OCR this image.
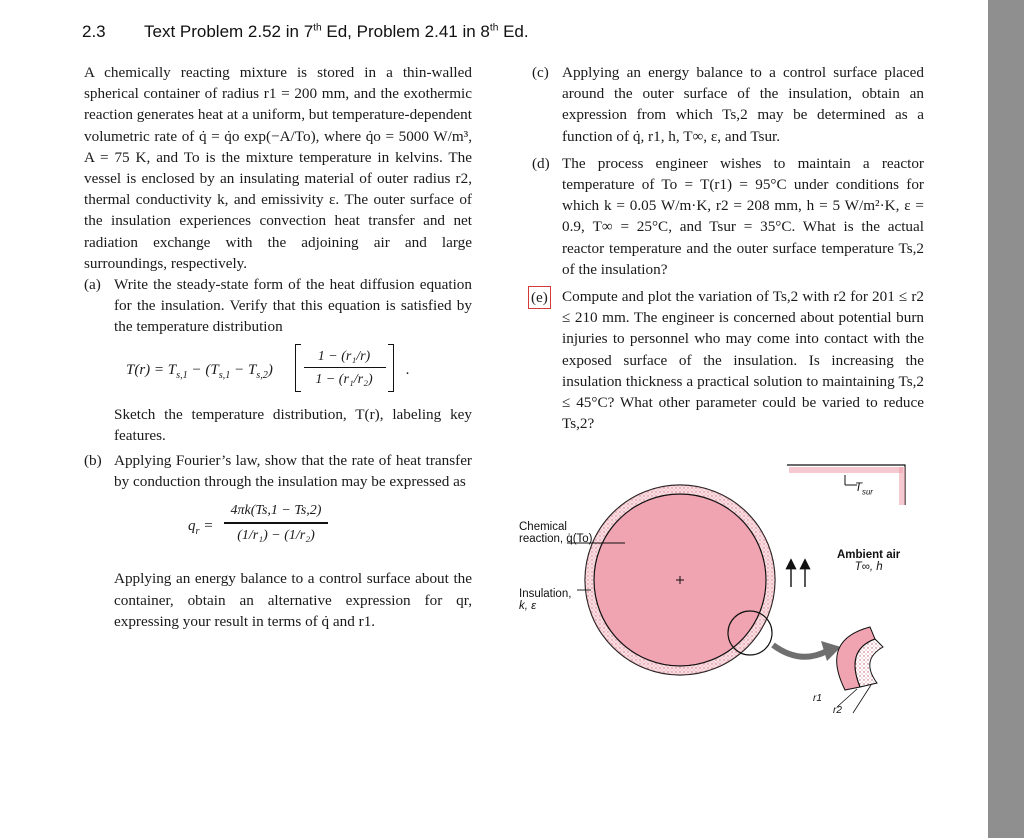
2.3 Text Problem 2.52 in 7th Ed, Problem 2.41 in 8th Ed.

A chemically reacting mixture is stored in a thin-walled spherical container of radius r1 = 200 mm, and the exothermic reaction generates heat at a uniform, but temperature-dependent volumetric rate of q̇ = q̇o exp(−A/To), where q̇o = 5000 W/m³, A = 75 K, and To is the mixture temperature in kelvins. The vessel is enclosed by an insulating material of outer radius r2, thermal conductivity k, and emissivity ε. The outer surface of the insulation experiences convection heat transfer and net radiation exchange with the adjoining air and large surroundings, respectively.

(a) Write the steady-state form of the heat diffusion equation for the insulation. Verify that this equation is satisfied by the temperature distribution
$T(r) = T_{s,1} - (T_{s,1} - T_{s,2})$
1 − (r₁/r)
1 − (r₁/r₂)
.
Sketch the temperature distribution, T(r), labeling key features.
(b) Applying Fourier’s law, show that the rate of heat transfer by conduction through the insulation may be expressed as
$q_r$ =
4πk(Ts,1 − Ts,2)
(1/r₁) − (1/r₂)
Applying an energy balance to a control surface about the container, obtain an alternative expression for qr, expressing your result in terms of q̇ and r1.
(c) Applying an energy balance to a control surface placed around the outer surface of the insulation, obtain an expression from which Ts,2 may be determined as a function of q̇, r1, h, T∞, ε, and Tsur.
(d) The process engineer wishes to maintain a reactor temperature of To = T(r1) = 95°C under conditions for which k = 0.05 W/m·K, r2 = 208 mm, h = 5 W/m²·K, ε = 0.9, T∞ = 25°C, and Tsur = 35°C. What is the actual reactor temperature and the outer surface temperature Ts,2 of the insulation?
(e) Compute and plot the variation of Ts,2 with r2 for 201 ≤ r2 ≤ 210 mm. The engineer is concerned about potential burn injuries to personnel who may come into contact with the exposed surface of the insulation. Is increasing the insulation thickness a practical solution to maintaining Ts,2 ≤ 45°C? What other parameter could be varied to reduce Ts,2?
$T_{sur}$
Chemical
reaction, q̇(To)
Insulation,
k, ε
Ambient air
T∞, h
r1
r2
